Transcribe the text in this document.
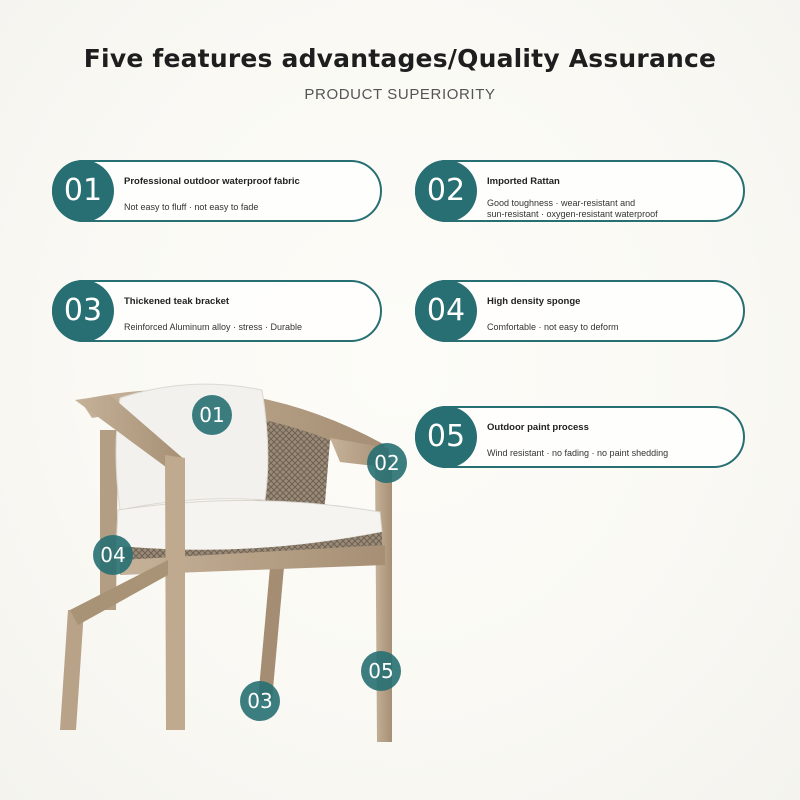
Five features advantages/Quality Assurance
PRODUCT SUPERIORITY
01	Professional outdoor waterproof fabric
Not easy to fluff · not easy to fade	02	Imported Rattan
Good toughness · wear-resistant and
sun-resistant · oxygen-resistant waterproof
03	Thickened teak bracket
Reinforced Aluminum alloy · stress · Durable	04	High density sponge
Comfortable · not easy to deform
05	Outdoor paint process
Wind resistant · no fading · no paint shedding
01
02
04
05
03
